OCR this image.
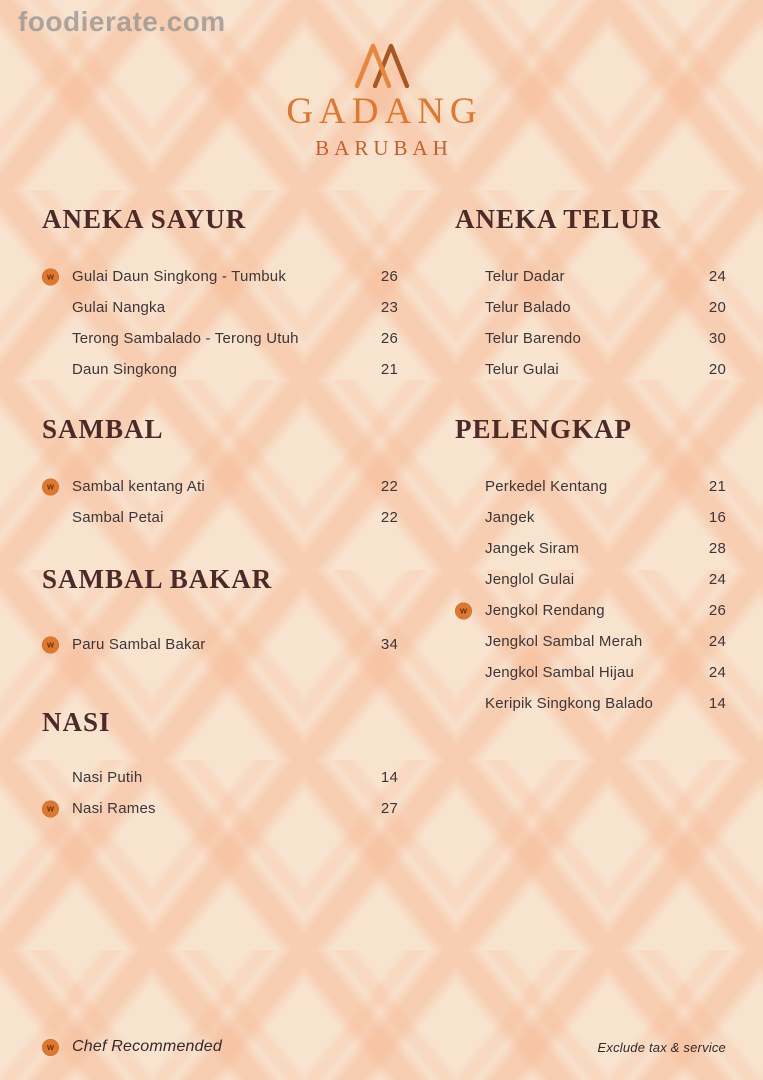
foodierate.com
GADANG
BARUBAH
ANEKA SAYUR
w Gulai Daun Singkong - Tumbuk	26
Gulai Nangka	23
Terong Sambalado - Terong Utuh	26
Daun Singkong	21
SAMBAL
w Sambal kentang Ati	22
Sambal Petai	22
SAMBAL BAKAR
w Paru Sambal Bakar	34
NASI
Nasi Putih	14
w Nasi Rames	27
ANEKA TELUR
Telur Dadar	24
Telur Balado	20
Telur Barendo	30
Telur Gulai	20
PELENGKAP
Perkedel Kentang	21
Jangek	16
Jangek Siram	28
Jenglol Gulai	24
w Jengkol Rendang	26
Jengkol Sambal Merah	24
Jengkol Sambal Hijau	24
Keripik Singkong Balado	14
w Chef Recommended	Exclude tax & service
